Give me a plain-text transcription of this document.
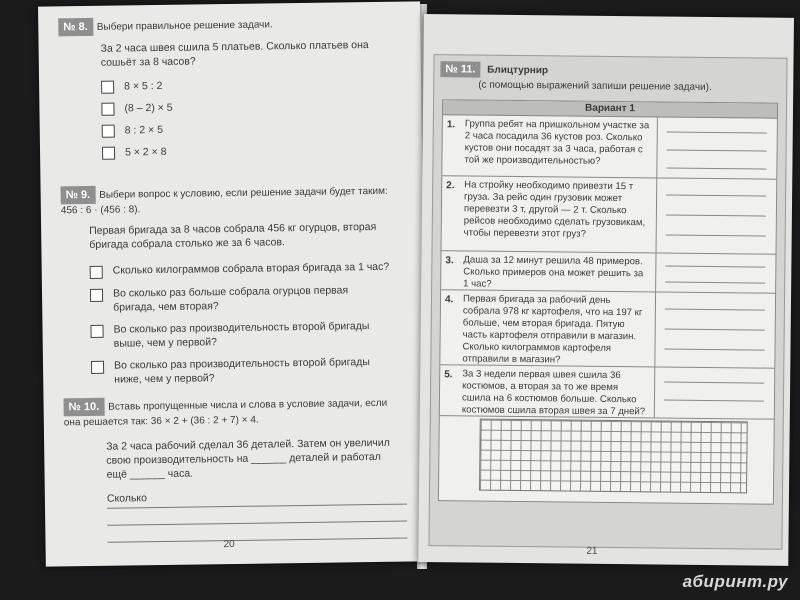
№ 8. Выбери правильное решение задачи.
За 2 часа швея сшила 5 платьев. Сколько платьев она сошьёт за 8 часов?
8 × 5 : 2
(8 – 2) × 5
8 : 2 × 5
5 × 2 × 8
№ 9. Выбери вопрос к условию, если решение задачи будет таким: 456 : 6 · (456 : 8).
Первая бригада за 8 часов собрала 456 кг огурцов, вторая бригада собрала столько же за 6 часов.
Сколько килограммов собрала вторая бригада за 1 час?
Во сколько раз больше собрала огурцов первая бригада, чем вторая?
Во сколько раз производительность второй бригады выше, чем у первой?
Во сколько раз производительность второй бригады ниже, чем у первой?
№ 10. Вставь пропущенные числа и слова в условие задачи, если она решается так: 36 × 2 + (36 : 2 + 7) × 4.
За 2 часа рабочий сделал 36 деталей. Затем он увеличил свою производительность на ______ деталей и работал ещё ______ часа.
Сколько
20
№ 11. Блицтурнир
(с помощью выражений запиши решение задачи).
Вариант 1
1. Группа ребят на пришкольном участке за 2 часа посадила 36 кустов роз. Сколько кустов они посадят за 3 часа, работая с той же производительностью?
2. На стройку необходимо привезти 15 т груза. За рейс один грузовик может перевезти 3 т, другой — 2 т. Сколько рейсов необходимо сделать грузовикам, чтобы перевезти этот груз?
3. Даша за 12 минут решила 48 примеров. Сколько примеров она может решить за 1 час?
4. Первая бригада за рабочий день собрала 978 кг картофеля, что на 197 кг больше, чем вторая бригада. Пятую часть картофеля отправили в магазин. Сколько килограммов картофеля отправили в магазин?
5. За 3 недели первая швея сшила 36 костюмов, а вторая за то же время сшила на 6 костюмов больше. Сколько костюмов сшила вторая швея за 7 дней?
21
абиринт.ру
